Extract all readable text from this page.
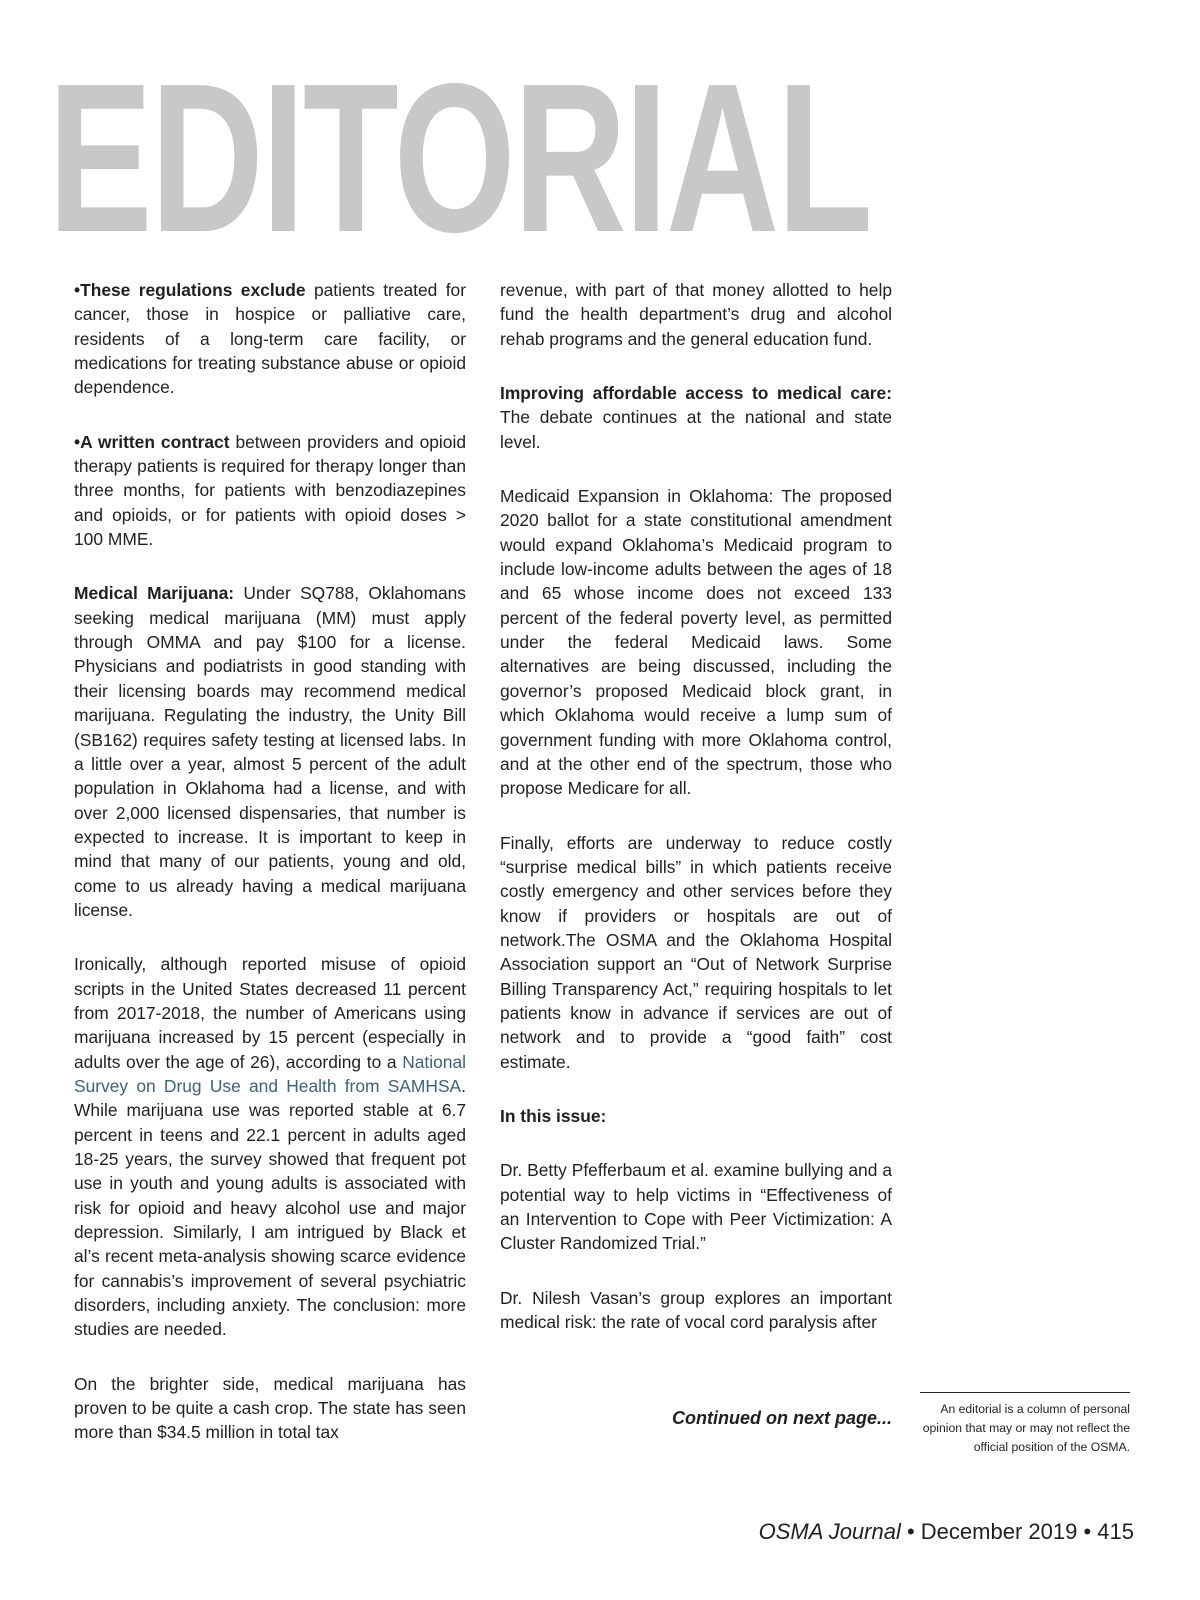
EDITORIAL

•These regulations exclude patients treated for cancer, those in hospice or palliative care, residents of a long-term care facility, or medications for treating substance abuse or opioid dependence.

•A written contract between providers and opioid therapy patients is required for therapy longer than three months, for patients with benzodiazepines and opioids, or for patients with opioid doses > 100 MME.

Medical Marijuana: Under SQ788, Oklahomans seeking medical marijuana (MM) must apply through OMMA and pay $100 for a license. Physicians and podiatrists in good standing with their licensing boards may recommend medical marijuana. Regulating the industry, the Unity Bill (SB162) requires safety testing at licensed labs. In a little over a year, almost 5 percent of the adult population in Oklahoma had a license, and with over 2,000 licensed dispensaries, that number is expected to increase. It is important to keep in mind that many of our patients, young and old, come to us already having a medical marijuana license.

Ironically, although reported misuse of opioid scripts in the United States decreased 11 percent from 2017-2018, the number of Americans using marijuana increased by 15 percent (especially in adults over the age of 26), according to a National Survey on Drug Use and Health from SAMHSA. While marijuana use was reported stable at 6.7 percent in teens and 22.1 percent in adults aged 18-25 years, the survey showed that frequent pot use in youth and young adults is associated with risk for opioid and heavy alcohol use and major depression. Similarly, I am intrigued by Black et al’s recent meta-analysis showing scarce evidence for cannabis’s improvement of several psychiatric disorders, including anxiety. The conclusion: more studies are needed.

On the brighter side, medical marijuana has proven to be quite a cash crop. The state has seen more than $34.5 million in total tax

revenue, with part of that money allotted to help fund the health department’s drug and alcohol rehab programs and the general education fund.

Improving affordable access to medical care: The debate continues at the national and state level.

Medicaid Expansion in Oklahoma: The proposed 2020 ballot for a state constitutional amendment would expand Oklahoma’s Medicaid program to include low-income adults between the ages of 18 and 65 whose income does not exceed 133 percent of the federal poverty level, as permitted under the federal Medicaid laws. Some alternatives are being discussed, including the governor’s proposed Medicaid block grant, in which Oklahoma would receive a lump sum of government funding with more Oklahoma control, and at the other end of the spectrum, those who propose Medicare for all.

Finally, efforts are underway to reduce costly “surprise medical bills” in which patients receive costly emergency and other services before they know if providers or hospitals are out of network.The OSMA and the Oklahoma Hospital Association support an “Out of Network Surprise Billing Transparency Act,” requiring hospitals to let patients know in advance if services are out of network and to provide a “good faith” cost estimate.

In this issue:

Dr. Betty Pfefferbaum et al. examine bullying and a potential way to help victims in “Effectiveness of an Intervention to Cope with Peer Victimization: A Cluster Randomized Trial.”

Dr. Nilesh Vasan’s group explores an important medical risk: the rate of vocal cord paralysis after

Continued on next page...	An editorial is a column of personal opinion that may or may not reflect the official position of the OSMA.
OSMA Journal • December 2019 • 415
